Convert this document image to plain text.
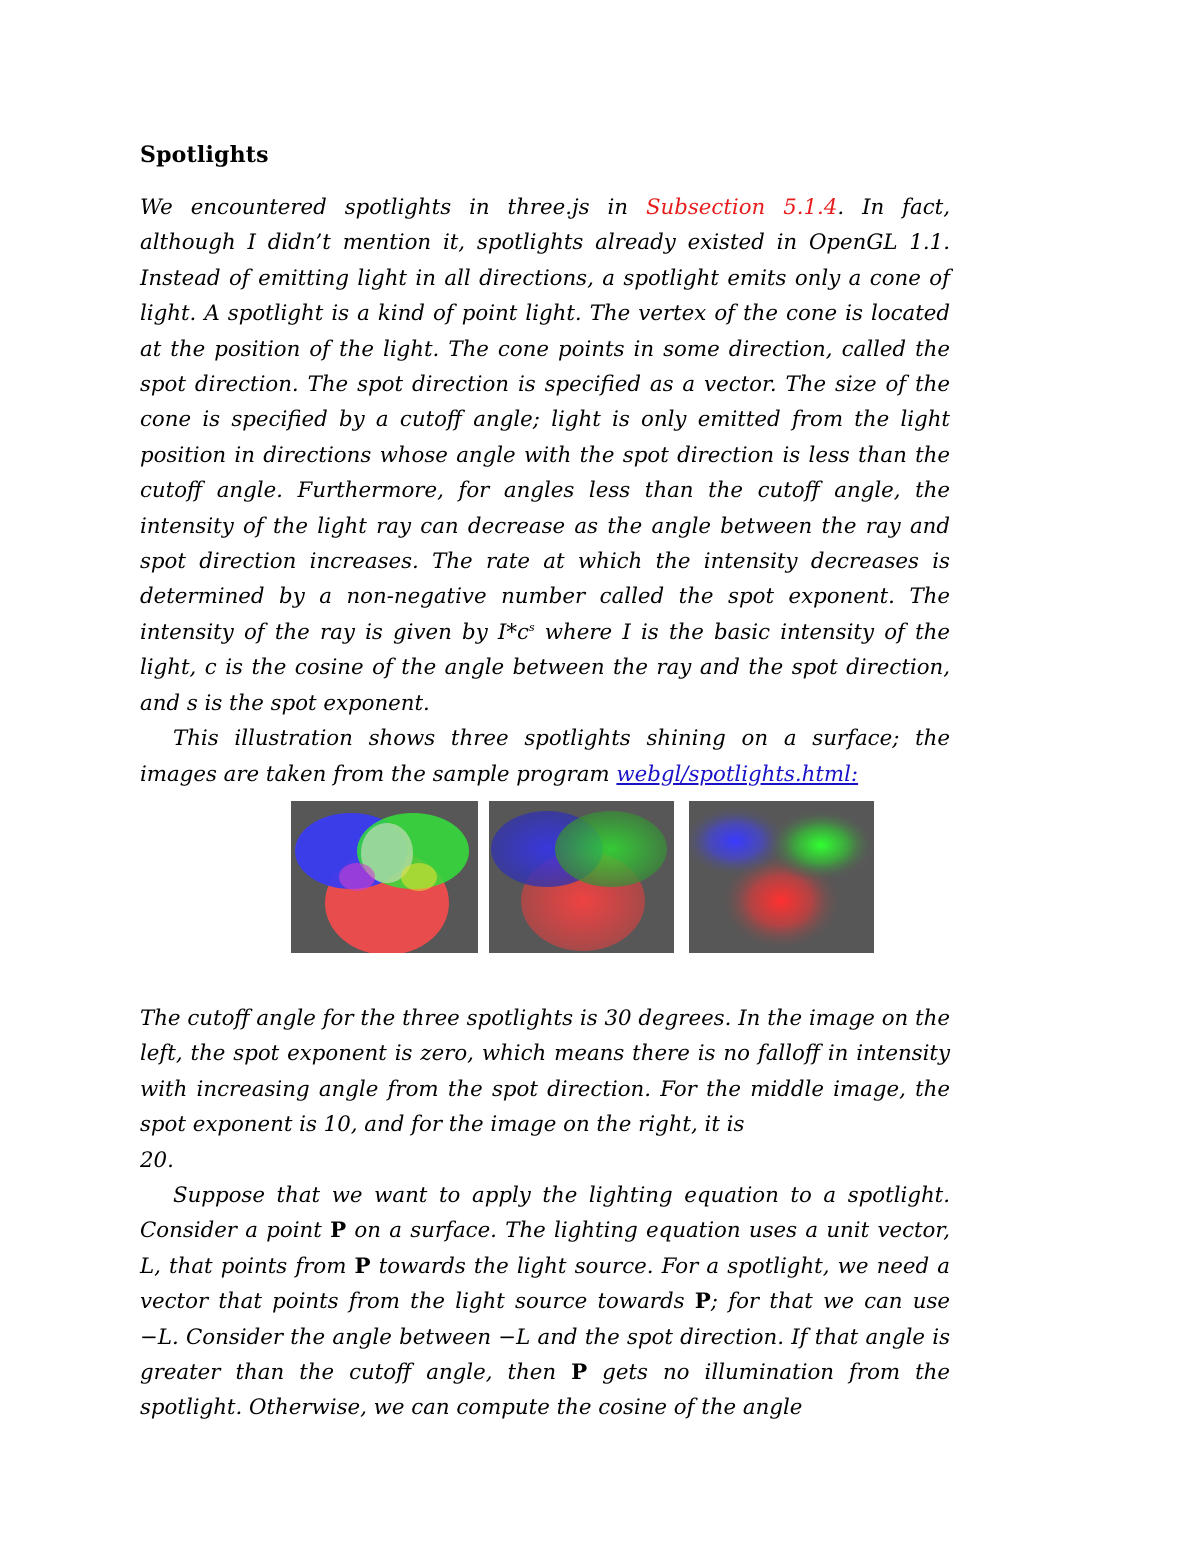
Spotlights

We encountered spotlights in three.js in Subsection 5.1.4. In fact, although I didn’t mention it, spotlights already existed in OpenGL 1.1. Instead of emitting light in all directions, a spotlight emits only a cone of light. A spotlight is a kind of point light. The vertex of the cone is located at the position of the light. The cone points in some direction, called the spot direction. The spot direction is specified as a vector. The size of the cone is specified by a cutoff angle; light is only emitted from the light position in directions whose angle with the spot direction is less than the cutoff angle. Furthermore, for angles less than the cutoff angle, the intensity of the light ray can decrease as the angle between the ray and spot direction increases. The rate at which the intensity decreases is determined by a non-negative number called the spot exponent. The intensity of the ray is given by $I*c^s$ where I is the basic intensity of the light, c is the cosine of the angle between the ray and the spot direction, and s is the spot exponent.

This illustration shows three spotlights shining on a surface; the images are taken from the sample program webgl/spotlights.html:

The cutoff angle for the three spotlights is 30 degrees. In the image on the left, the spot exponent is zero, which means there is no falloff in intensity with increasing angle from the spot direction. For the middle image, the spot exponent is 10, and for the image on the right, it is
20.

Suppose that we want to apply the lighting equation to a spotlight. Consider a point P on a surface. The lighting equation uses a unit vector, L, that points from P towards the light source. For a spotlight, we need a vector that points from the light source towards P; for that we can use −L. Consider the angle between −L and the spot direction. If that angle is greater than the cutoff angle, then P gets no illumination from the spotlight. Otherwise, we can compute the cosine of the angle
